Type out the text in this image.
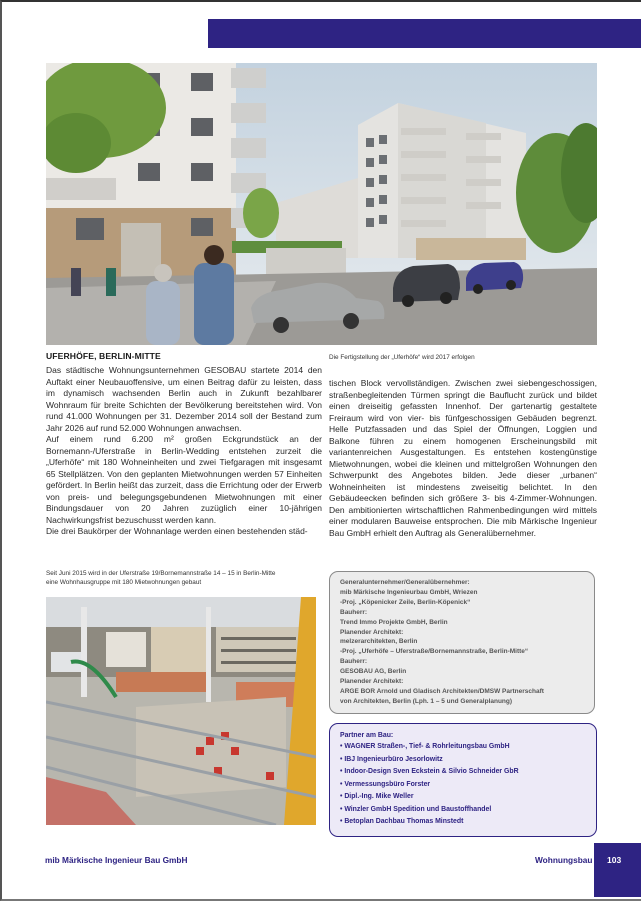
Die Fertigstellung der „Uferhöfe“ wird 2017 erfolgen
UFERHÖFE, BERLIN-MITTE

Das städtische Wohnungsunternehmen GESOBAU startete 2014 den Auftakt einer Neubauoffensive, um einen Beitrag dafür zu leisten, dass im dynamisch wachsenden Berlin auch in Zukunft bezahlbarer Wohnraum für breite Schichten der Bevölkerung bereitstehen wird. Von rund 41.000 Wohnungen per 31. Dezember 2014 soll der Bestand zum Jahr 2026 auf rund 52.000 Wohnungen anwachsen.

Auf einem rund 6.200 m² großen Eckgrundstück an der Bornemann-/Uferstraße in Berlin-Wedding entstehen zurzeit die „Uferhöfe“ mit 180 Wohneinheiten und zwei Tiefgaragen mit insgesamt 65 Stellplätzen. Von den geplanten Mietwohnungen werden 57 Einheiten gefördert. In Berlin heißt das zurzeit, dass die Errichtung oder der Erwerb von preis- und belegungsgebundenen Mietwohnungen mit einer Bindungsdauer von 20 Jahren zuzüglich einer 10-jährigen Nachwirkungsfrist bezuschusst werden kann.

Die drei Baukörper der Wohnanlage werden einen bestehenden städ-

Seit Juni 2015 wird in der Uferstraße 19/Bornemannstraße 14 – 15 in Berlin-Mitte
eine Wohnhausgruppe mit 180 Mietwohnungen gebaut

tischen Block vervollständigen. Zwischen zwei siebengeschossigen, straßenbegleitenden Türmen springt die Bauflucht zurück und bildet einen dreiseitig gefassten Innenhof. Der gartenartig gestaltete Freiraum wird von vier- bis fünfgeschossigen Gebäuden begrenzt. Helle Putzfassaden und das Spiel der Öffnungen, Loggien und Balkone führen zu einem homogenen Erscheinungsbild mit variantenreichen Ausgestaltungen. Es entstehen kostengünstige Mietwohnungen, wobei die kleinen und mittelgroßen Wohnungen den Schwerpunkt des Angebotes bilden. Jede dieser „urbanen“ Wohneinheiten ist mindestens zweiseitig belichtet. In den Gebäudeecken befinden sich größere 3- bis 4-Zimmer-Wohnungen. Den ambitionierten wirtschaftlichen Rahmenbedingungen wird mittels einer modularen Bauweise entsprochen. Die mib Märkische Ingenieur Bau GmbH erhielt den Auftrag als Generalübernehmer.

Generalunternehmer/Generalübernehmer:
mib Märkische Ingenieurbau GmbH, Wriezen
-Proj. „Köpenicker Zeile, Berlin-Köpenick“
Bauherr:
Trend Immo Projekte GmbH, Berlin
Planender Architekt:
melzerarchitekten, Berlin
-Proj. „Uferhöfe – Uferstraße/Bornemannstraße, Berlin-Mitte“
Bauherr:
GESOBAU AG, Berlin
Planender Architekt:
ARGE BOR Arnold und Gladisch Architekten/DMSW Partnerschaft
von Architekten, Berlin (Lph. 1 – 5 und Generalplanung)
Partner am Bau:
• WAGNER Straßen-, Tief- & Rohrleitungsbau GmbH
• IBJ Ingenieurbüro Jesorlowitz
• Indoor-Design Sven Eckstein & Silvio Schneider GbR
• Vermessungsbüro Forster
• Dipl.-Ing. Mike Weller
• Winzler GmbH Spedition und Baustoffhandel
• Betoplan Dachbau Thomas Minstedt
mib Märkische Ingenieur Bau GmbH	Wohnungsbau 103
